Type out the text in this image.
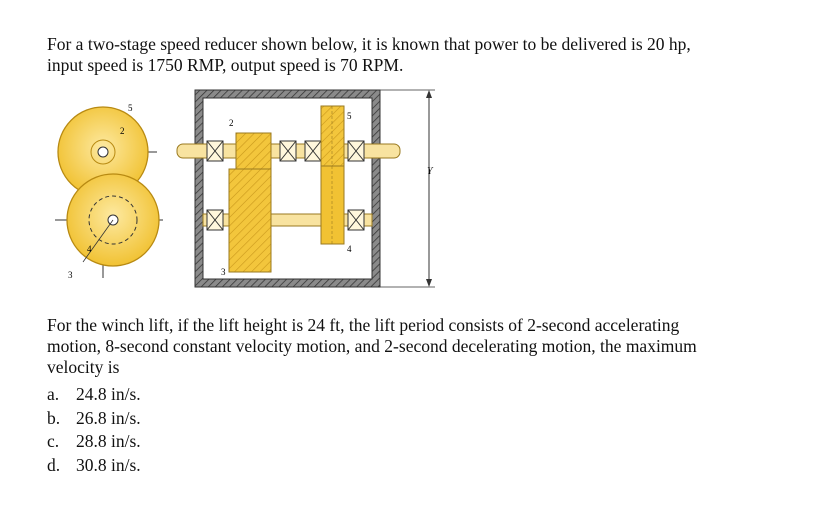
For a two-stage speed reducer shown below, it is known that power to be delivered is 20 hp,
input speed is 1750 RMP, output speed is 70 RPM.
5
2
4
3
2
5
3
4
Y
For the winch lift, if the lift height is 24 ft, the lift period consists of 2-second accelerating
motion, 8-second constant velocity motion, and 2-second decelerating motion, the maximum
velocity is
a. 24.8 in/s.
b. 26.8 in/s.
c. 28.8 in/s.
d. 30.8 in/s.
